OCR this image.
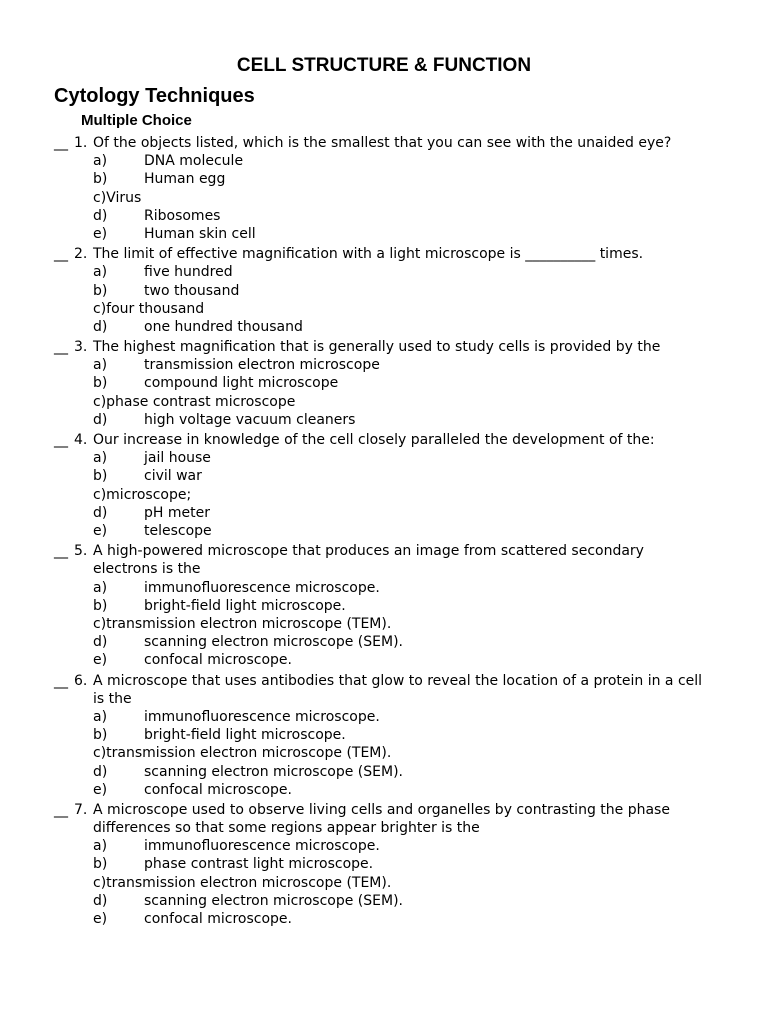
CELL STRUCTURE & FUNCTION
Cytology Techniques
Multiple Choice
__ 1. Of the objects listed, which is the smallest that you can see with the unaided eye?
a)	DNA molecule
b)	Human egg
c)Virus
d)	Ribosomes
e)	Human skin cell
__ 2. The limit of effective magnification with a light microscope is __________ times.
a)	five hundred
b)	two thousand
c)four thousand
d)	one hundred thousand
__ 3. The highest magnification that is generally used to study cells is provided by the
a)	transmission electron microscope
b)	compound light microscope
c)phase contrast microscope
d)	high voltage vacuum cleaners
__ 4. Our increase in knowledge of the cell closely paralleled the development of the:
a)	jail house
b)	civil war
c)microscope;
d)	pH meter
e)	telescope
__ 5. A high-powered microscope that produces an image from scattered secondary electrons is the
a)	immunofluorescence microscope.
b)	bright-field light microscope.
c)transmission electron microscope (TEM).
d)	scanning electron microscope (SEM).
e)	confocal microscope.
__ 6. A microscope that uses antibodies that glow to reveal the location of a protein in a cell is the
a)	immunofluorescence microscope.
b)	bright-field light microscope.
c)transmission electron microscope (TEM).
d)	scanning electron microscope (SEM).
e)	confocal microscope.
__ 7. A microscope used to observe living cells and organelles by contrasting the phase differences so that some regions appear brighter is the
a)	immunofluorescence microscope.
b)	phase contrast light microscope.
c)transmission electron microscope (TEM).
d)	scanning electron microscope (SEM).
e)	confocal microscope.
